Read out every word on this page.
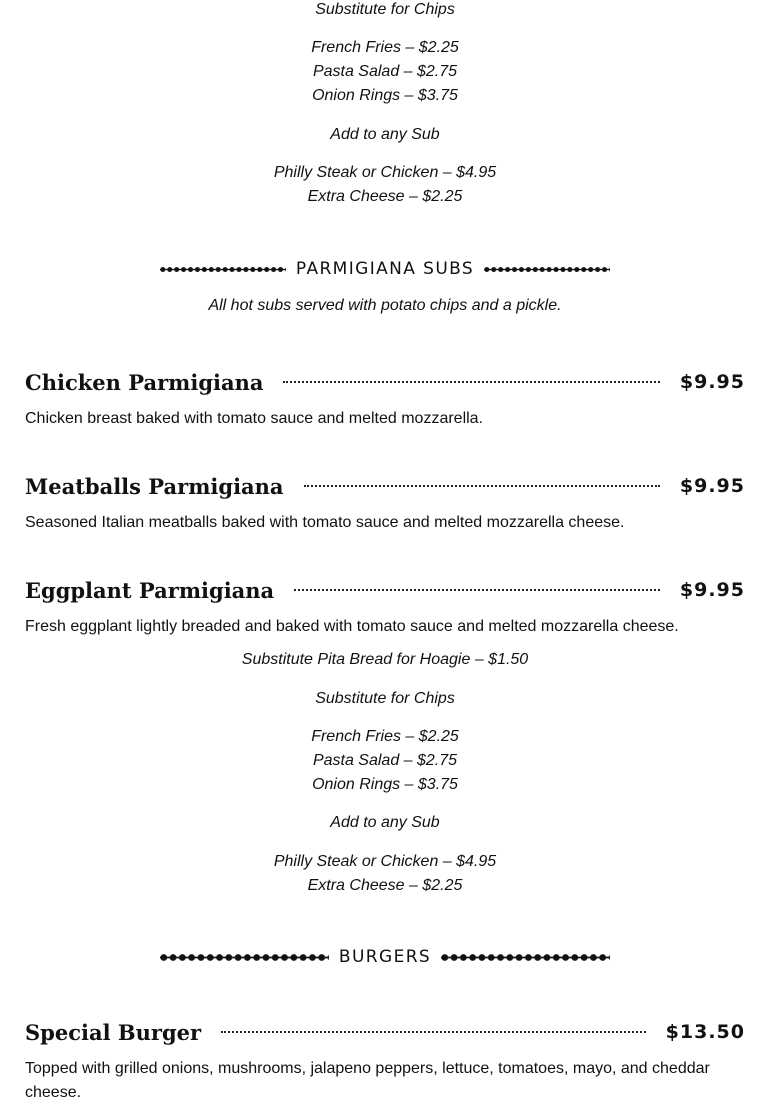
Substitute for Chips
French Fries – $2.25
Pasta Salad – $2.75
Onion Rings – $3.75
Add to any Sub
Philly Steak or Chicken – $4.95
Extra Cheese – $2.25
PARMIGIANA SUBS
All hot subs served with potato chips and a pickle.
Chicken Parmigiana	$9.95
Chicken breast baked with tomato sauce and melted mozzarella.
Meatballs Parmigiana	$9.95
Seasoned Italian meatballs baked with tomato sauce and melted mozzarella cheese.
Eggplant Parmigiana	$9.95
Fresh eggplant lightly breaded and baked with tomato sauce and melted mozzarella cheese.
Substitute Pita Bread for Hoagie – $1.50
Substitute for Chips
French Fries – $2.25
Pasta Salad – $2.75
Onion Rings – $3.75
Add to any Sub
Philly Steak or Chicken – $4.95
Extra Cheese – $2.25
BURGERS
Special Burger	$13.50
Topped with grilled onions, mushrooms, jalapeno peppers, lettuce, tomatoes, mayo, and cheddar cheese.
